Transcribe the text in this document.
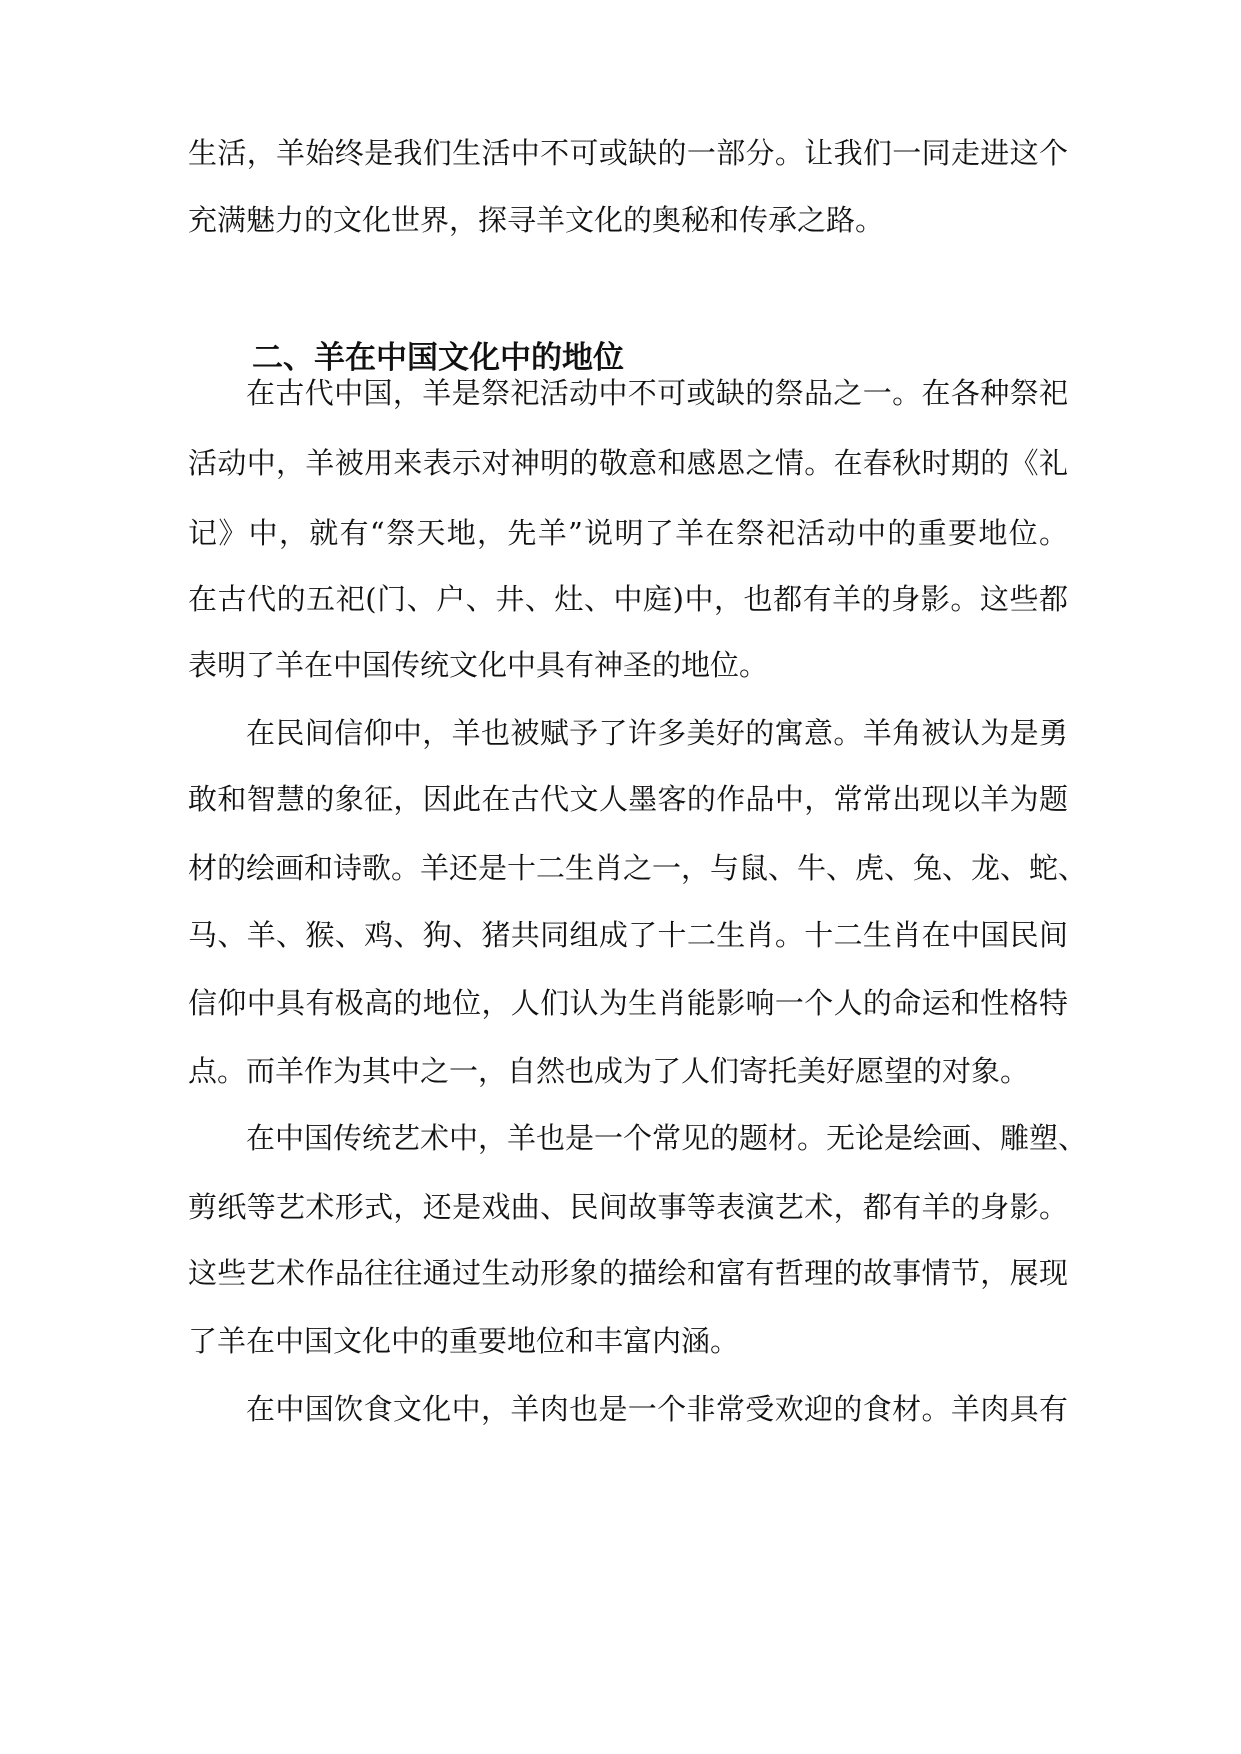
生活，羊始终是我们生活中不可或缺的一部分。让我们一同走进这个
充满魅力的文化世界，探寻羊文化的奥秘和传承之路。
二、羊在中国文化中的地位
在古代中国，羊是祭祀活动中不可或缺的祭品之一。在各种祭祀
活动中，羊被用来表示对神明的敬意和感恩之情。在春秋时期的《礼
记》中，就有“祭天地，先羊”说明了羊在祭祀活动中的重要地位。
在古代的五祀(门、户、井、灶、中庭)中，也都有羊的身影。这些都
表明了羊在中国传统文化中具有神圣的地位。
在民间信仰中，羊也被赋予了许多美好的寓意。羊角被认为是勇
敢和智慧的象征，因此在古代文人墨客的作品中，常常出现以羊为题
材的绘画和诗歌。羊还是十二生肖之一，与鼠、牛、虎、兔、龙、蛇、
马、羊、猴、鸡、狗、猪共同组成了十二生肖。十二生肖在中国民间
信仰中具有极高的地位，人们认为生肖能影响一个人的命运和性格特
点。而羊作为其中之一，自然也成为了人们寄托美好愿望的对象。
在中国传统艺术中，羊也是一个常见的题材。无论是绘画、雕塑、
剪纸等艺术形式，还是戏曲、民间故事等表演艺术，都有羊的身影。
这些艺术作品往往通过生动形象的描绘和富有哲理的故事情节，展现
了羊在中国文化中的重要地位和丰富内涵。
在中国饮食文化中，羊肉也是一个非常受欢迎的食材。羊肉具有
